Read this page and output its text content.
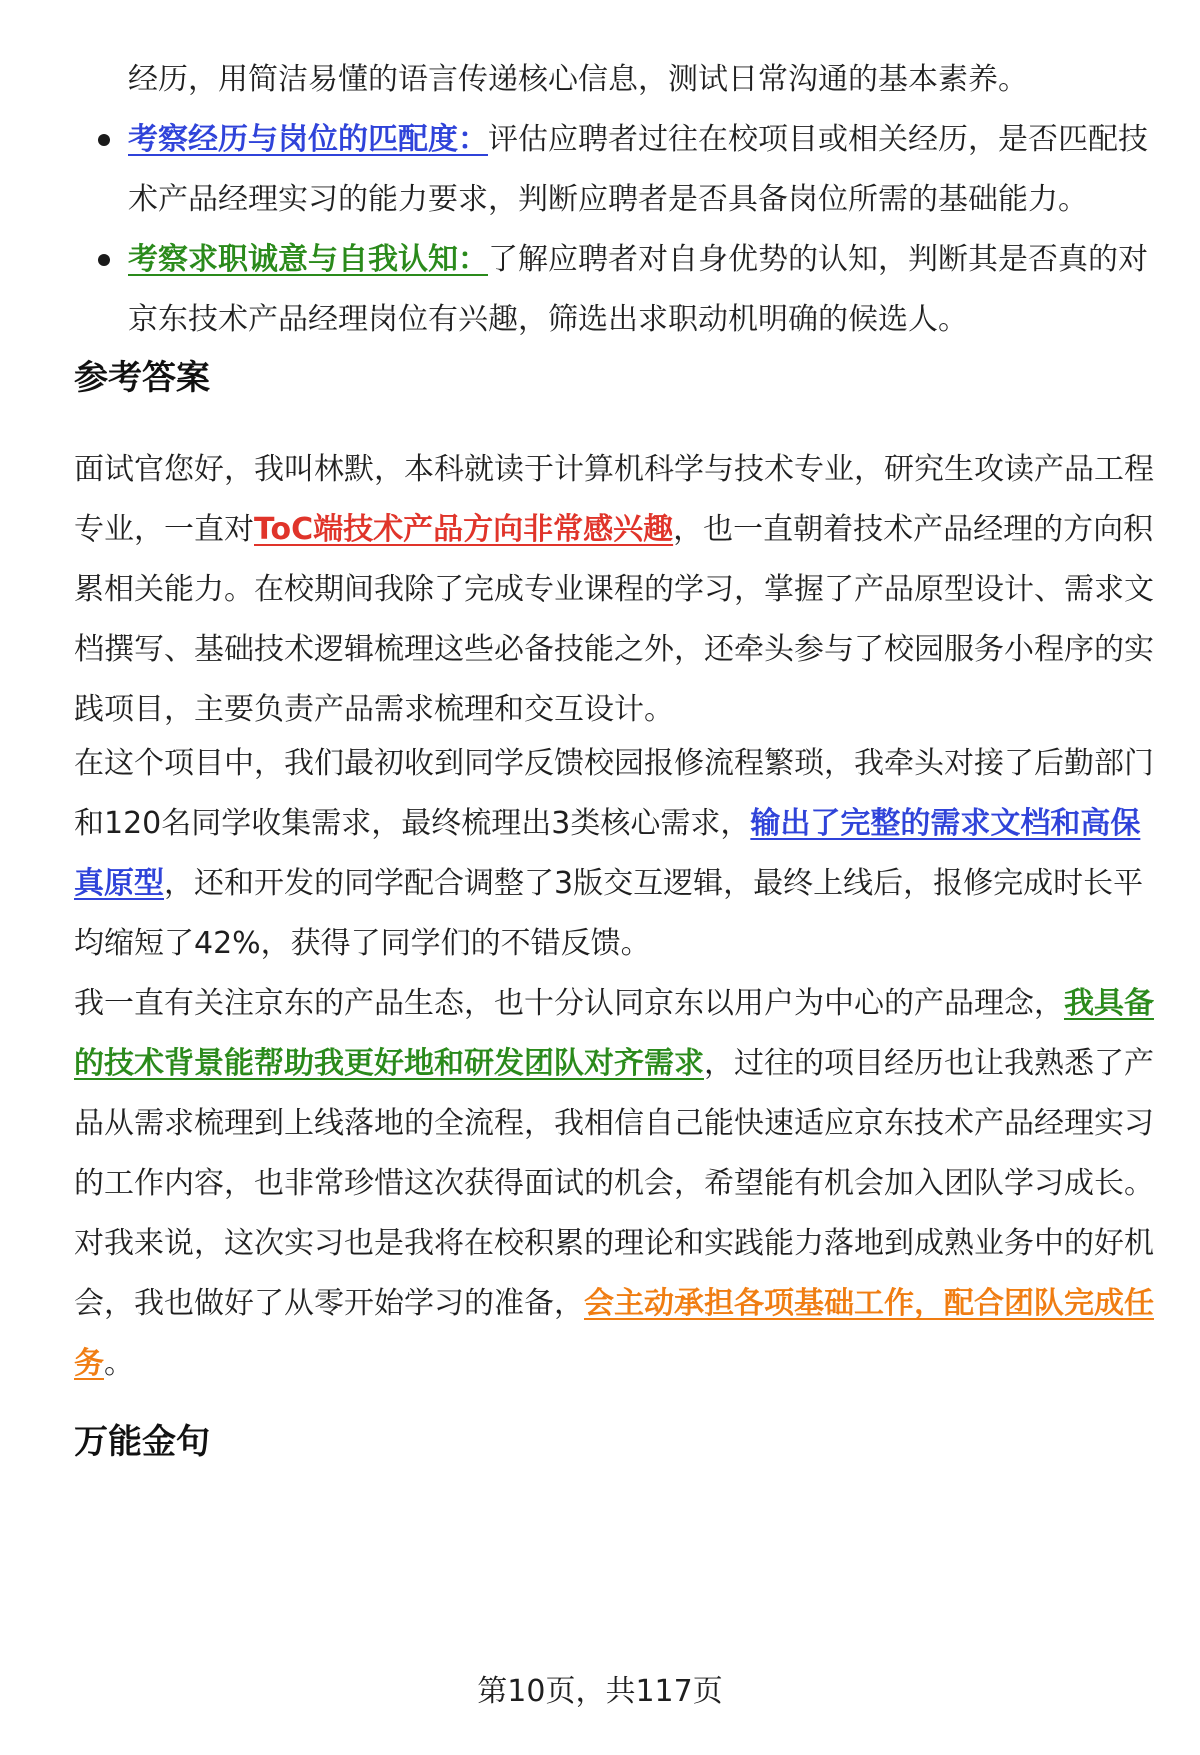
经历，用简洁易懂的语言传递核心信息，测试日常沟通的基本素养。

考察经历与岗位的匹配度：评估应聘者过往在校项目或相关经历，是否匹配技术产品经理实习的能力要求，判断应聘者是否具备岗位所需的基础能力。
考察求职诚意与自我认知：了解应聘者对自身优势的认知，判断其是否真的对京东技术产品经理岗位有兴趣，筛选出求职动机明确的候选人。
参考答案

面试官您好，我叫林默，本科就读于计算机科学与技术专业，研究生攻读产品工程专业，一直对ToC端技术产品方向非常感兴趣，也一直朝着技术产品经理的方向积累相关能力。在校期间我除了完成专业课程的学习，掌握了产品原型设计、需求文档撰写、基础技术逻辑梳理这些必备技能之外，还牵头参与了校园服务小程序的实践项目，主要负责产品需求梳理和交互设计。

在这个项目中，我们最初收到同学反馈校园报修流程繁琐，我牵头对接了后勤部门和120名同学收集需求，最终梳理出3类核心需求，输出了完整的需求文档和高保真原型，还和开发的同学配合调整了3版交互逻辑，最终上线后，报修完成时长平均缩短了42%，获得了同学们的不错反馈。

我一直有关注京东的产品生态，也十分认同京东以用户为中心的产品理念，我具备的技术背景能帮助我更好地和研发团队对齐需求，过往的项目经历也让我熟悉了产品从需求梳理到上线落地的全流程，我相信自己能快速适应京东技术产品经理实习的工作内容，也非常珍惜这次获得面试的机会，希望能有机会加入团队学习成长。

对我来说，这次实习也是我将在校积累的理论和实践能力落地到成熟业务中的好机会，我也做好了从零开始学习的准备，会主动承担各项基础工作，配合团队完成任务。

万能金句
第10页，共117页
